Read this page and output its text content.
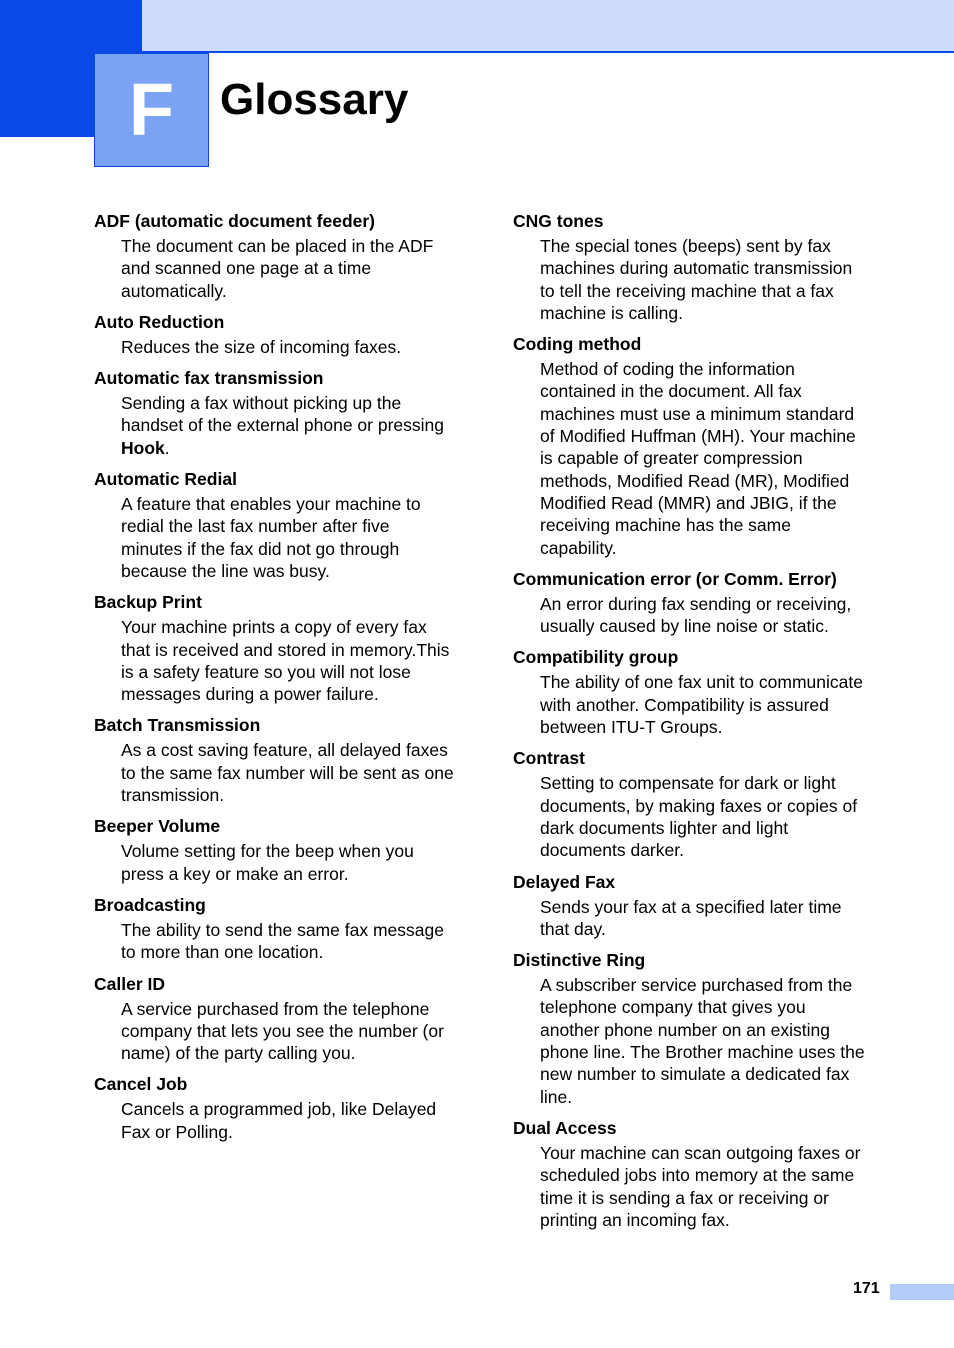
F Glossary
ADF (automatic document feeder)
The document can be placed in the ADF
and scanned one page at a time
automatically.
Auto Reduction
Reduces the size of incoming faxes.
Automatic fax transmission
Sending a fax without picking up the
handset of the external phone or pressing
Hook.
Automatic Redial
A feature that enables your machine to
redial the last fax number after five
minutes if the fax did not go through
because the line was busy.
Backup Print
Your machine prints a copy of every fax
that is received and stored in memory.This
is a safety feature so you will not lose
messages during a power failure.
Batch Transmission
As a cost saving feature, all delayed faxes
to the same fax number will be sent as one
transmission.
Beeper Volume
Volume setting for the beep when you
press a key or make an error.
Broadcasting
The ability to send the same fax message
to more than one location.
Caller ID
A service purchased from the telephone
company that lets you see the number (or
name) of the party calling you.
Cancel Job
Cancels a programmed job, like Delayed
Fax or Polling.
CNG tones
The special tones (beeps) sent by fax
machines during automatic transmission
to tell the receiving machine that a fax
machine is calling.
Coding method
Method of coding the information
contained in the document. All fax
machines must use a minimum standard
of Modified Huffman (MH). Your machine
is capable of greater compression
methods, Modified Read (MR), Modified
Modified Read (MMR) and JBIG, if the
receiving machine has the same
capability.
Communication error (or Comm. Error)
An error during fax sending or receiving,
usually caused by line noise or static.
Compatibility group
The ability of one fax unit to communicate
with another. Compatibility is assured
between ITU-T Groups.
Contrast
Setting to compensate for dark or light
documents, by making faxes or copies of
dark documents lighter and light
documents darker.
Delayed Fax
Sends your fax at a specified later time
that day.
Distinctive Ring
A subscriber service purchased from the
telephone company that gives you
another phone number on an existing
phone line. The Brother machine uses the
new number to simulate a dedicated fax
line.
Dual Access
Your machine can scan outgoing faxes or
scheduled jobs into memory at the same
time it is sending a fax or receiving or
printing an incoming fax.
171
